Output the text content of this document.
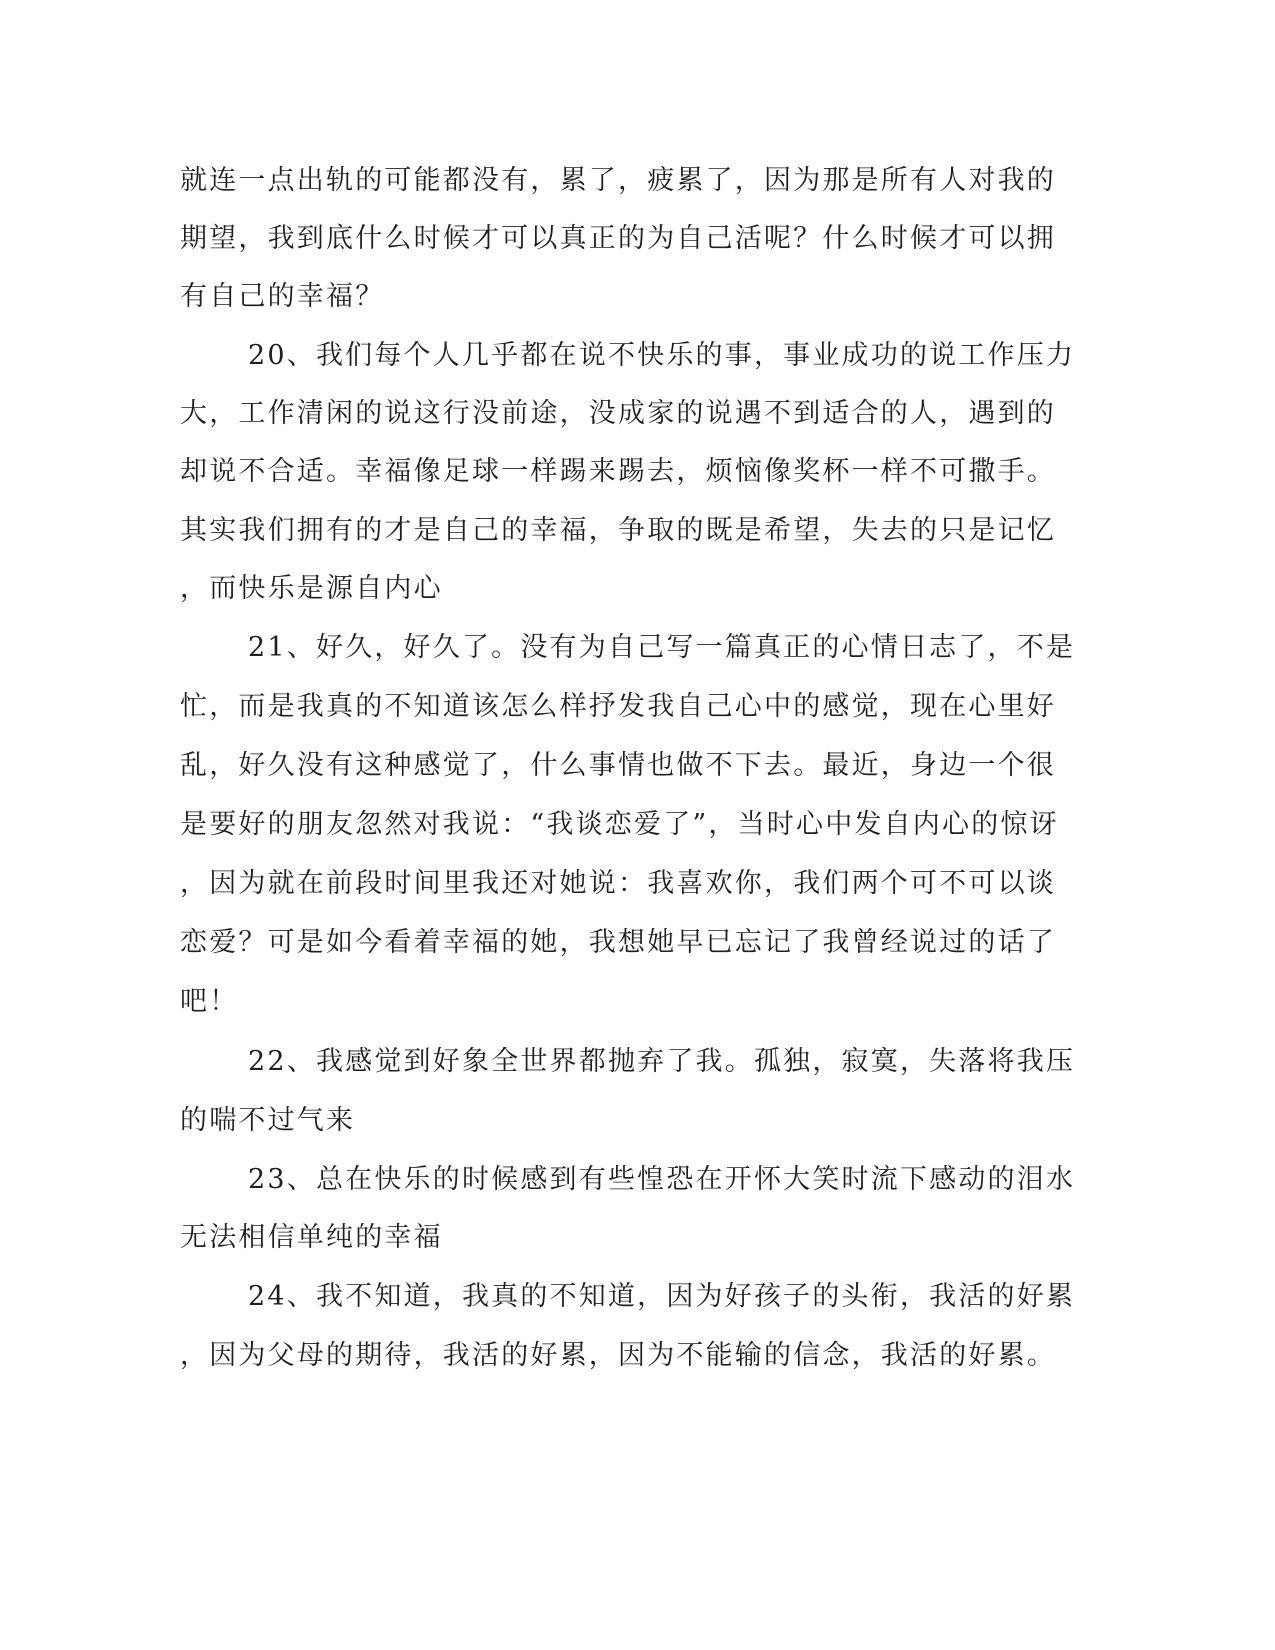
就连一点出轨的可能都没有，累了，疲累了，因为那是所有人对我的

期望，我到底什么时候才可以真正的为自己活呢？什么时候才可以拥

有自己的幸福？

20、我们每个人几乎都在说不快乐的事，事业成功的说工作压力

大，工作清闲的说这行没前途，没成家的说遇不到适合的人，遇到的

却说不合适。幸福像足球一样踢来踢去，烦恼像奖杯一样不可撒手。

其实我们拥有的才是自己的幸福，争取的既是希望，失去的只是记忆

，而快乐是源自内心

21、好久，好久了。没有为自己写一篇真正的心情日志了，不是

忙，而是我真的不知道该怎么样抒发我自己心中的感觉，现在心里好

乱，好久没有这种感觉了，什么事情也做不下去。最近，身边一个很

是要好的朋友忽然对我说：“我谈恋爱了”，当时心中发自内心的惊讶

，因为就在前段时间里我还对她说：我喜欢你，我们两个可不可以谈

恋爱？可是如今看着幸福的她，我想她早已忘记了我曾经说过的话了

吧！

22、我感觉到好象全世界都抛弃了我。孤独，寂寞，失落将我压

的喘不过气来

23、总在快乐的时候感到有些惶恐在开怀大笑时流下感动的泪水

无法相信单纯的幸福

24、我不知道，我真的不知道，因为好孩子的头衔，我活的好累

，因为父母的期待，我活的好累，因为不能输的信念，我活的好累。
